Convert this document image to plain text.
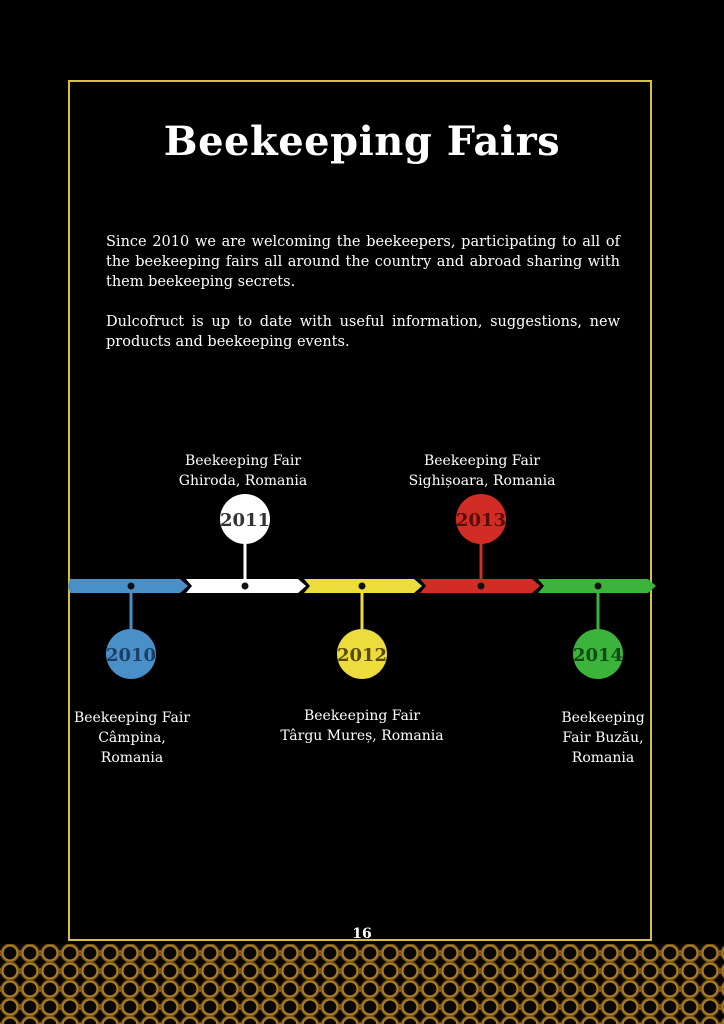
Beekeeping Fairs
Since 2010 we are welcoming the beekeepers, participating to all of the beekeeping fairs all around the country and abroad sharing with them beekeeping secrets.
Dulcofruct is up to date with useful information, suggestions, new products and beekeeping events.
2010
2011
2012
2013
2014
Beekeeping Fair
Câmpina,
Romania
Beekeeping Fair
Ghiroda, Romania
Beekeeping Fair
Târgu Mureș, Romania
Beekeeping Fair
Sighișoara, Romania
Beekeeping
Fair Buzău,
Romania
16
